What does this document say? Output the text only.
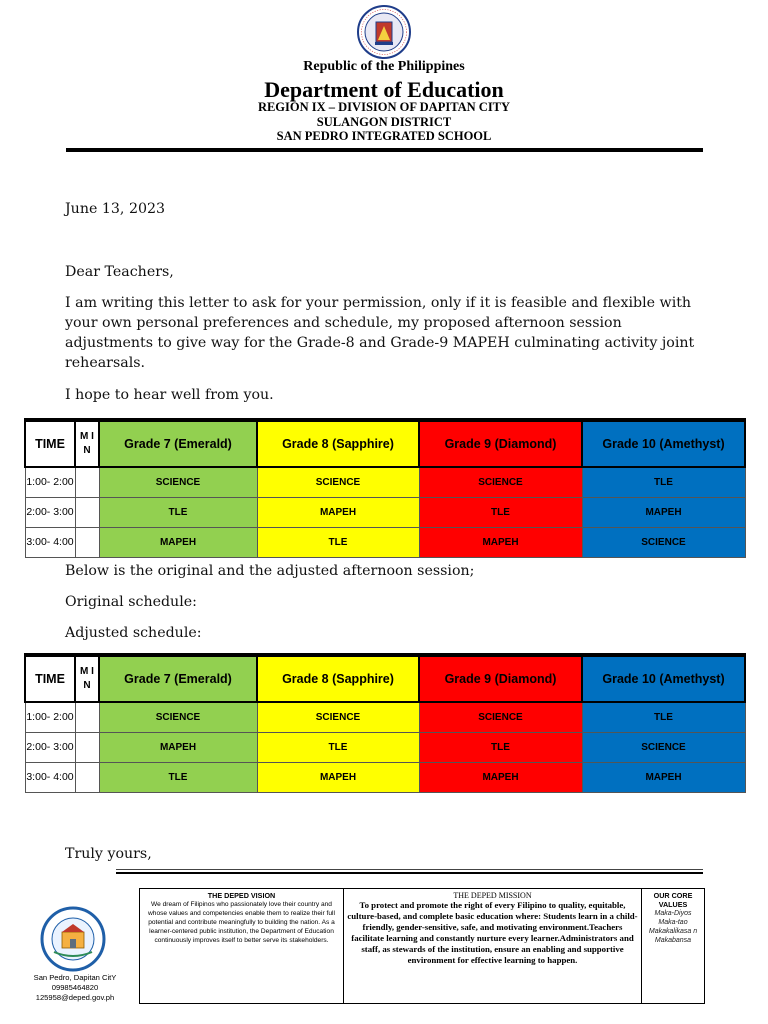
Republic of the Philippines
Department of Education
REGION IX – DIVISION OF DAPITAN CITY
SULANGON DISTRICT
SAN PEDRO INTEGRATED SCHOOL
June 13, 2023
Dear Teachers,
I am writing this letter to ask for your permission, only if it is feasible and flexible with your own personal preferences and schedule, my proposed afternoon session adjustments to give way for the Grade-8 and Grade-9 MAPEH culminating activity joint rehearsals.
I hope to hear well from you.
TIME	M I N	Grade 7 (Emerald)	Grade 8 (Sapphire)	Grade 9 (Diamond)	Grade 10 (Amethyst)
1:00- 2:00		SCIENCE	SCIENCE	SCIENCE	TLE
2:00- 3:00		TLE	MAPEH	TLE	MAPEH
3:00- 4:00		MAPEH	TLE	MAPEH	SCIENCE
Below is the original and the adjusted afternoon session;
Original schedule:
Adjusted schedule:
TIME	M I N	Grade 7 (Emerald)	Grade 8 (Sapphire)	Grade 9 (Diamond)	Grade 10 (Amethyst)
1:00- 2:00		SCIENCE	SCIENCE	SCIENCE	TLE
2:00- 3:00		MAPEH	TLE	TLE	SCIENCE
3:00- 4:00		TLE	MAPEH	MAPEH	MAPEH
Truly yours,
San Pedro, Dapitan CitY
09985464820
125958@deped.gov.ph
THE DEPED VISION
We dream of Filipinos who passionately love their country and whose values and competencies enable them to realize their full potential and contribute meaningfully to building the nation. As a learner-centered public institution, the Department of Education continuously improves itself to better serve its stakeholders.

THE DEPED MISSION
To protect and promote the right of every Filipino to quality, equitable, culture-based, and complete basic education where: Students learn in a child-friendly, gender-sensitive, safe, and motivating environment.Teachers facilitate learning and constantly nurture every learner.Administrators and staff, as stewards of the institution, ensure an enabling and supportive environment for effective learning to happen.

OUR CORE VALUES
Maka-Diyos
Maka-tao
Makakalikasa n
Makabansa
